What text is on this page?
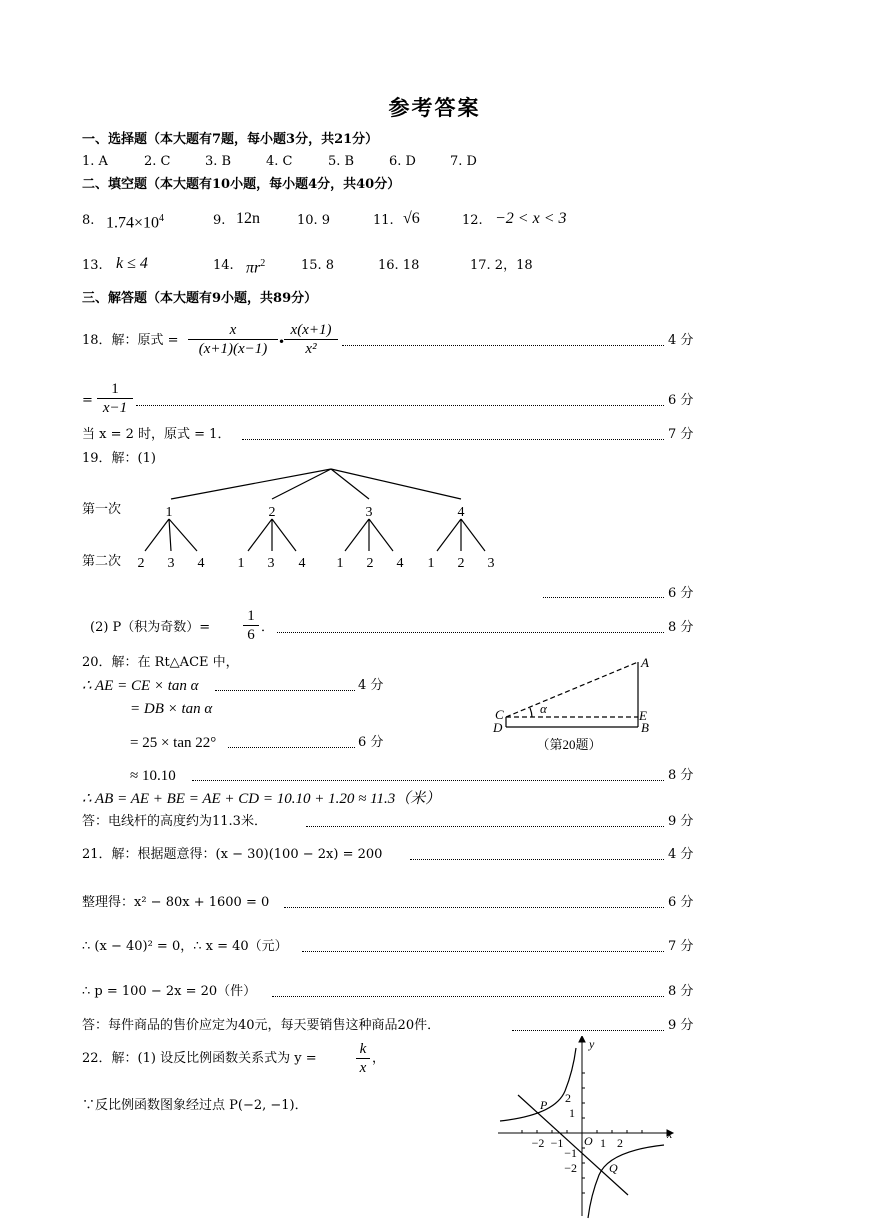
参考答案
一、选择题（本大题有7题，每小题3分，共21分）
1. A	2. C	3. B	4. C	5. B	6. D	7. D
二、填空题（本大题有10小题，每小题4分，共40分）
8. $1.74\times 10^4$	9. 12n	10. 9	11. √6	12. −2 < x < 3
13. k ≤ 4	14. $\pi r^2$	15. 8	16. 18	17. 2，18
三、解答题（本大题有9小题，共89分）
18．解：原式 =
x
(x+1)(x−1) •
x(x+1)
x²
4 分
=
1
x−1	6 分
当 x = 2 时，原式 = 1．	7 分
19．解：(1)
第一次
第二次
1	2	3	4
2 3 4 1 3 4 1 2 4 1 2 3
6 分
(2) P（积为奇数）=
1
6 ．	8 分
20．解：在 Rt△ACE 中，
∴ AE = CE × tan α	4 分
= DB × tan α
= 25 × tan 22°	6 分
≈ 10.10	8 分
∴ AB = AE + BE = AE + CD = 10.10 + 1.20 ≈ 11.3（米）
答：电线杆的高度约为11.3米．	9 分
A
C
D
E
B
α
（第20题）
21．解：根据题意得：(x − 30)(100 − 2x) = 200	4 分
整理得：x² − 80x + 1600 = 0	6 分
∴ (x − 40)² = 0，∴ x = 40（元）	7 分
∴ p = 100 − 2x = 20（件）	8 分
答：每件商品的售价应定为40元，每天要销售这种商品20件．	9 分
22．解：(1) 设反比例函数关系式为 y =
k
x
，
∵反比例函数图象经过点 P(−2, −1)．
x
y
O
P
Q
−2 −1	1 2
2
1
−1
−2
